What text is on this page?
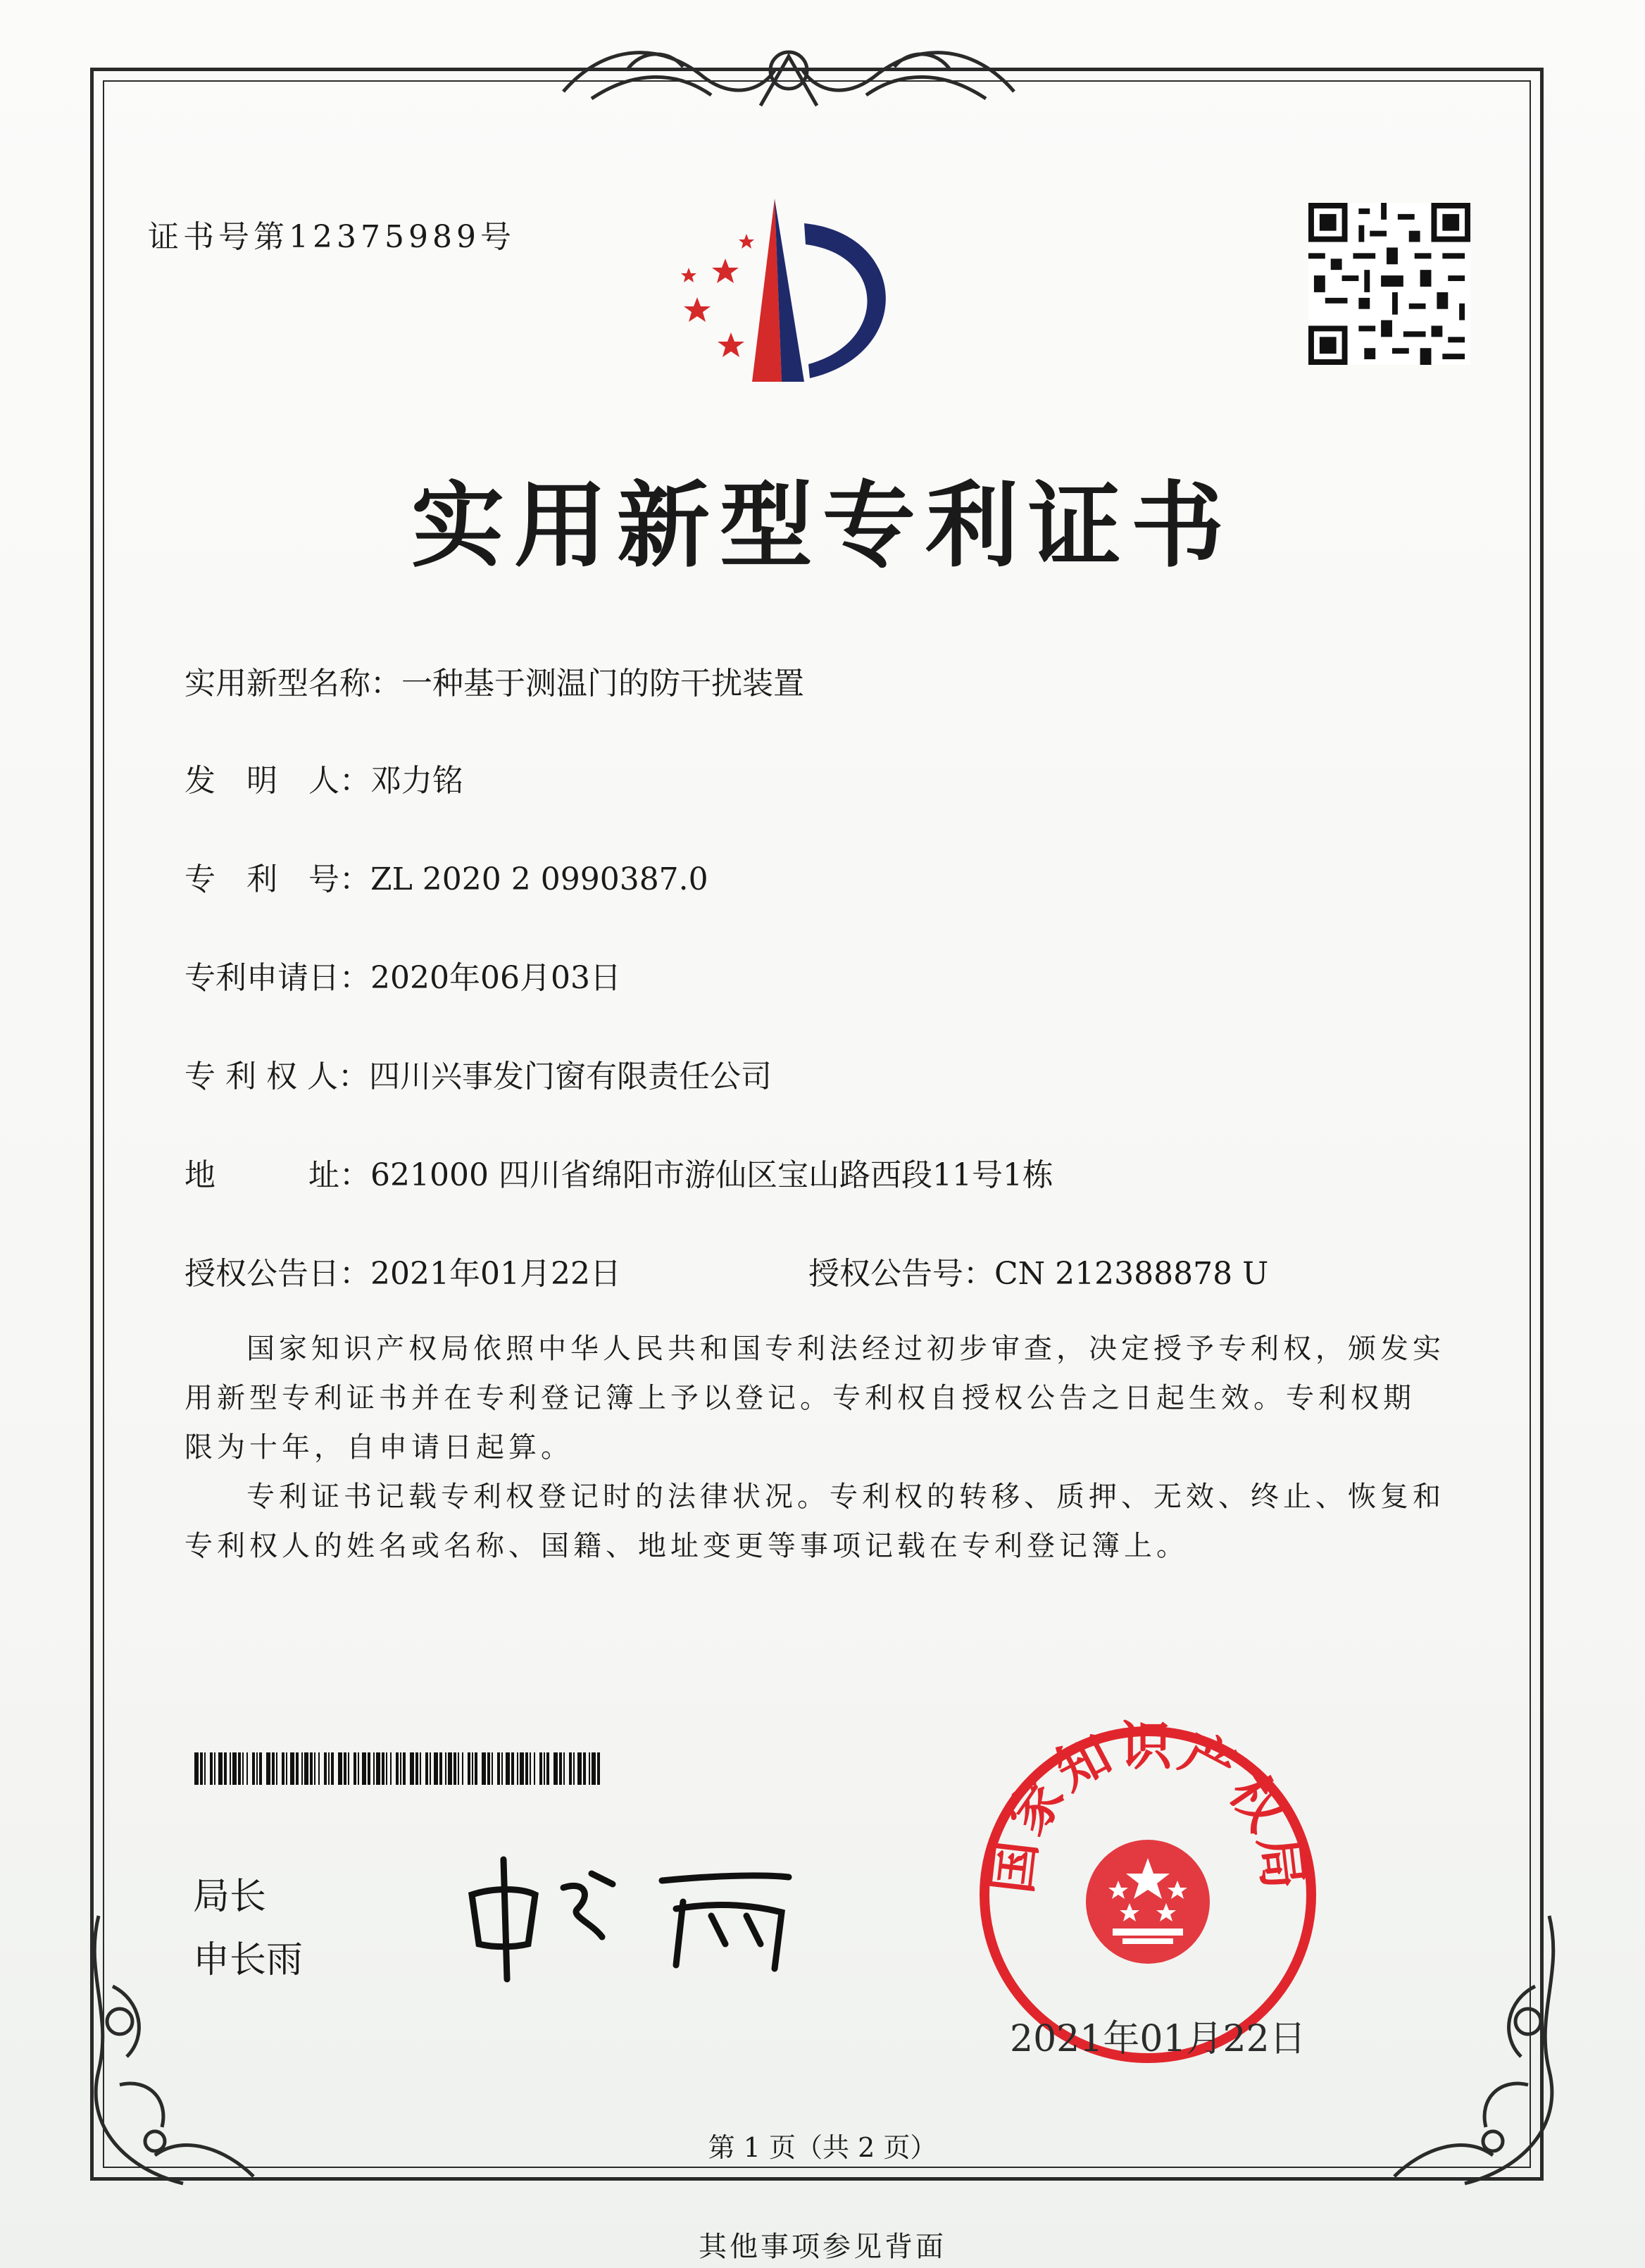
证书号第12375989号
实用新型专利证书
实用新型名称：一种基于测温门的防干扰装置
发　明　人：邓力铭
专　利　号：ZL 2020 2 0990387.0
专利申请日：2020年06月03日
专 利 权 人：四川兴事发门窗有限责任公司
地　　　址：621000 四川省绵阳市游仙区宝山路西段11号1栋
授权公告日：2021年01月22日	授权公告号：CN 212388878 U

国家知识产权局依照中华人民共和国专利法经过初步审查，决定授予专利权，颁发实用新型专利证书并在专利登记簿上予以登记。专利权自授权公告之日起生效。专利权期限为十年，自申请日起算。

专利证书记载专利权登记时的法律状况。专利权的转移、质押、无效、终止、恢复和专利权人的姓名或名称、国籍、地址变更等事项记载在专利登记簿上。

局长
申长雨
国家知识产权局
2021年01月22日
第 1 页（共 2 页）
其他事项参见背面
